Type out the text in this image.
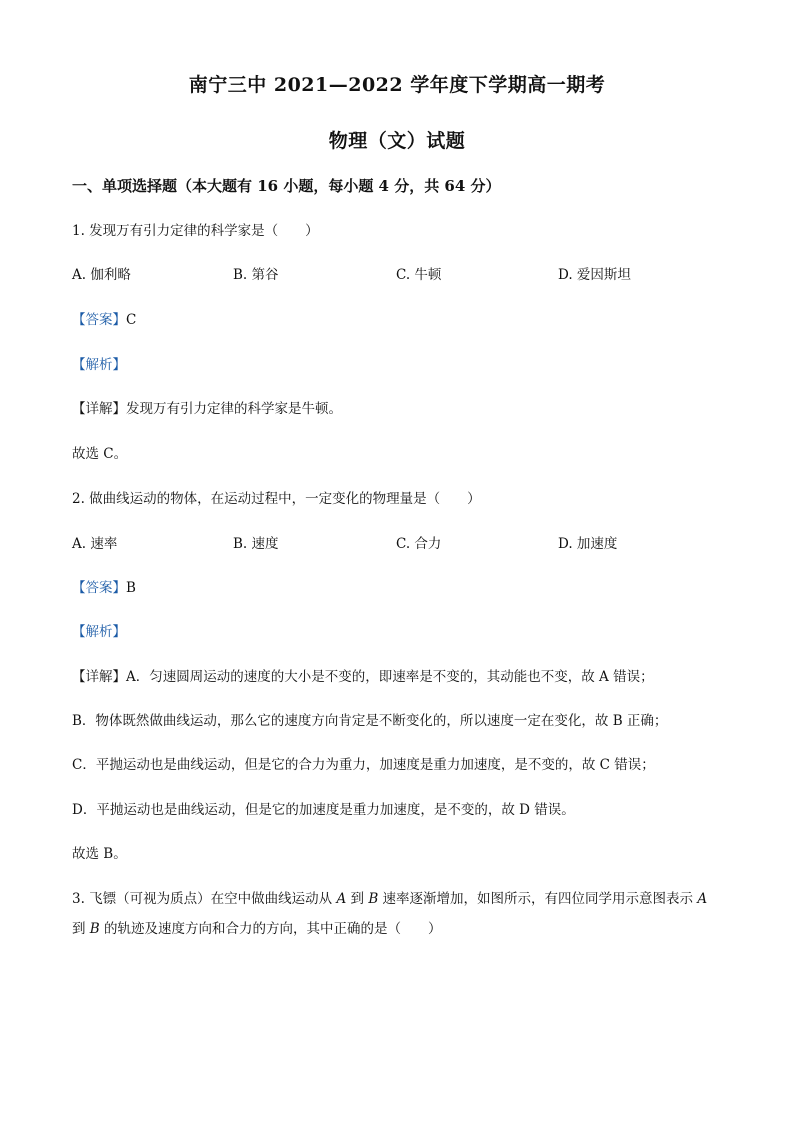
南宁三中 2021—2022 学年度下学期高一期考
物理（文）试题
一、单项选择题（本大题有 16 小题，每小题 4 分，共 64 分）
1. 发现万有引力定律的科学家是（　　）
A. 伽利略	B. 第谷	C. 牛顿	D. 爱因斯坦
【答案】C
【解析】
【详解】发现万有引力定律的科学家是牛顿。
故选 C。
2. 做曲线运动的物体，在运动过程中，一定变化的物理量是（　　）
A. 速率	B. 速度	C. 合力	D. 加速度
【答案】B
【解析】
【详解】A．匀速圆周运动的速度的大小是不变的，即速率是不变的，其动能也不变，故 A 错误；
B．物体既然做曲线运动，那么它的速度方向肯定是不断变化的，所以速度一定在变化，故 B 正确；
C．平抛运动也是曲线运动，但是它的合力为重力，加速度是重力加速度，是不变的，故 C 错误；
D．平抛运动也是曲线运动，但是它的加速度是重力加速度，是不变的，故 D 错误。
故选 B。
3. 飞镖（可视为质点）在空中做曲线运动从 A 到 B 速率逐渐增加，如图所示，有四位同学用示意图表示 A
到 B 的轨迹及速度方向和合力的方向，其中正确的是（　　）
